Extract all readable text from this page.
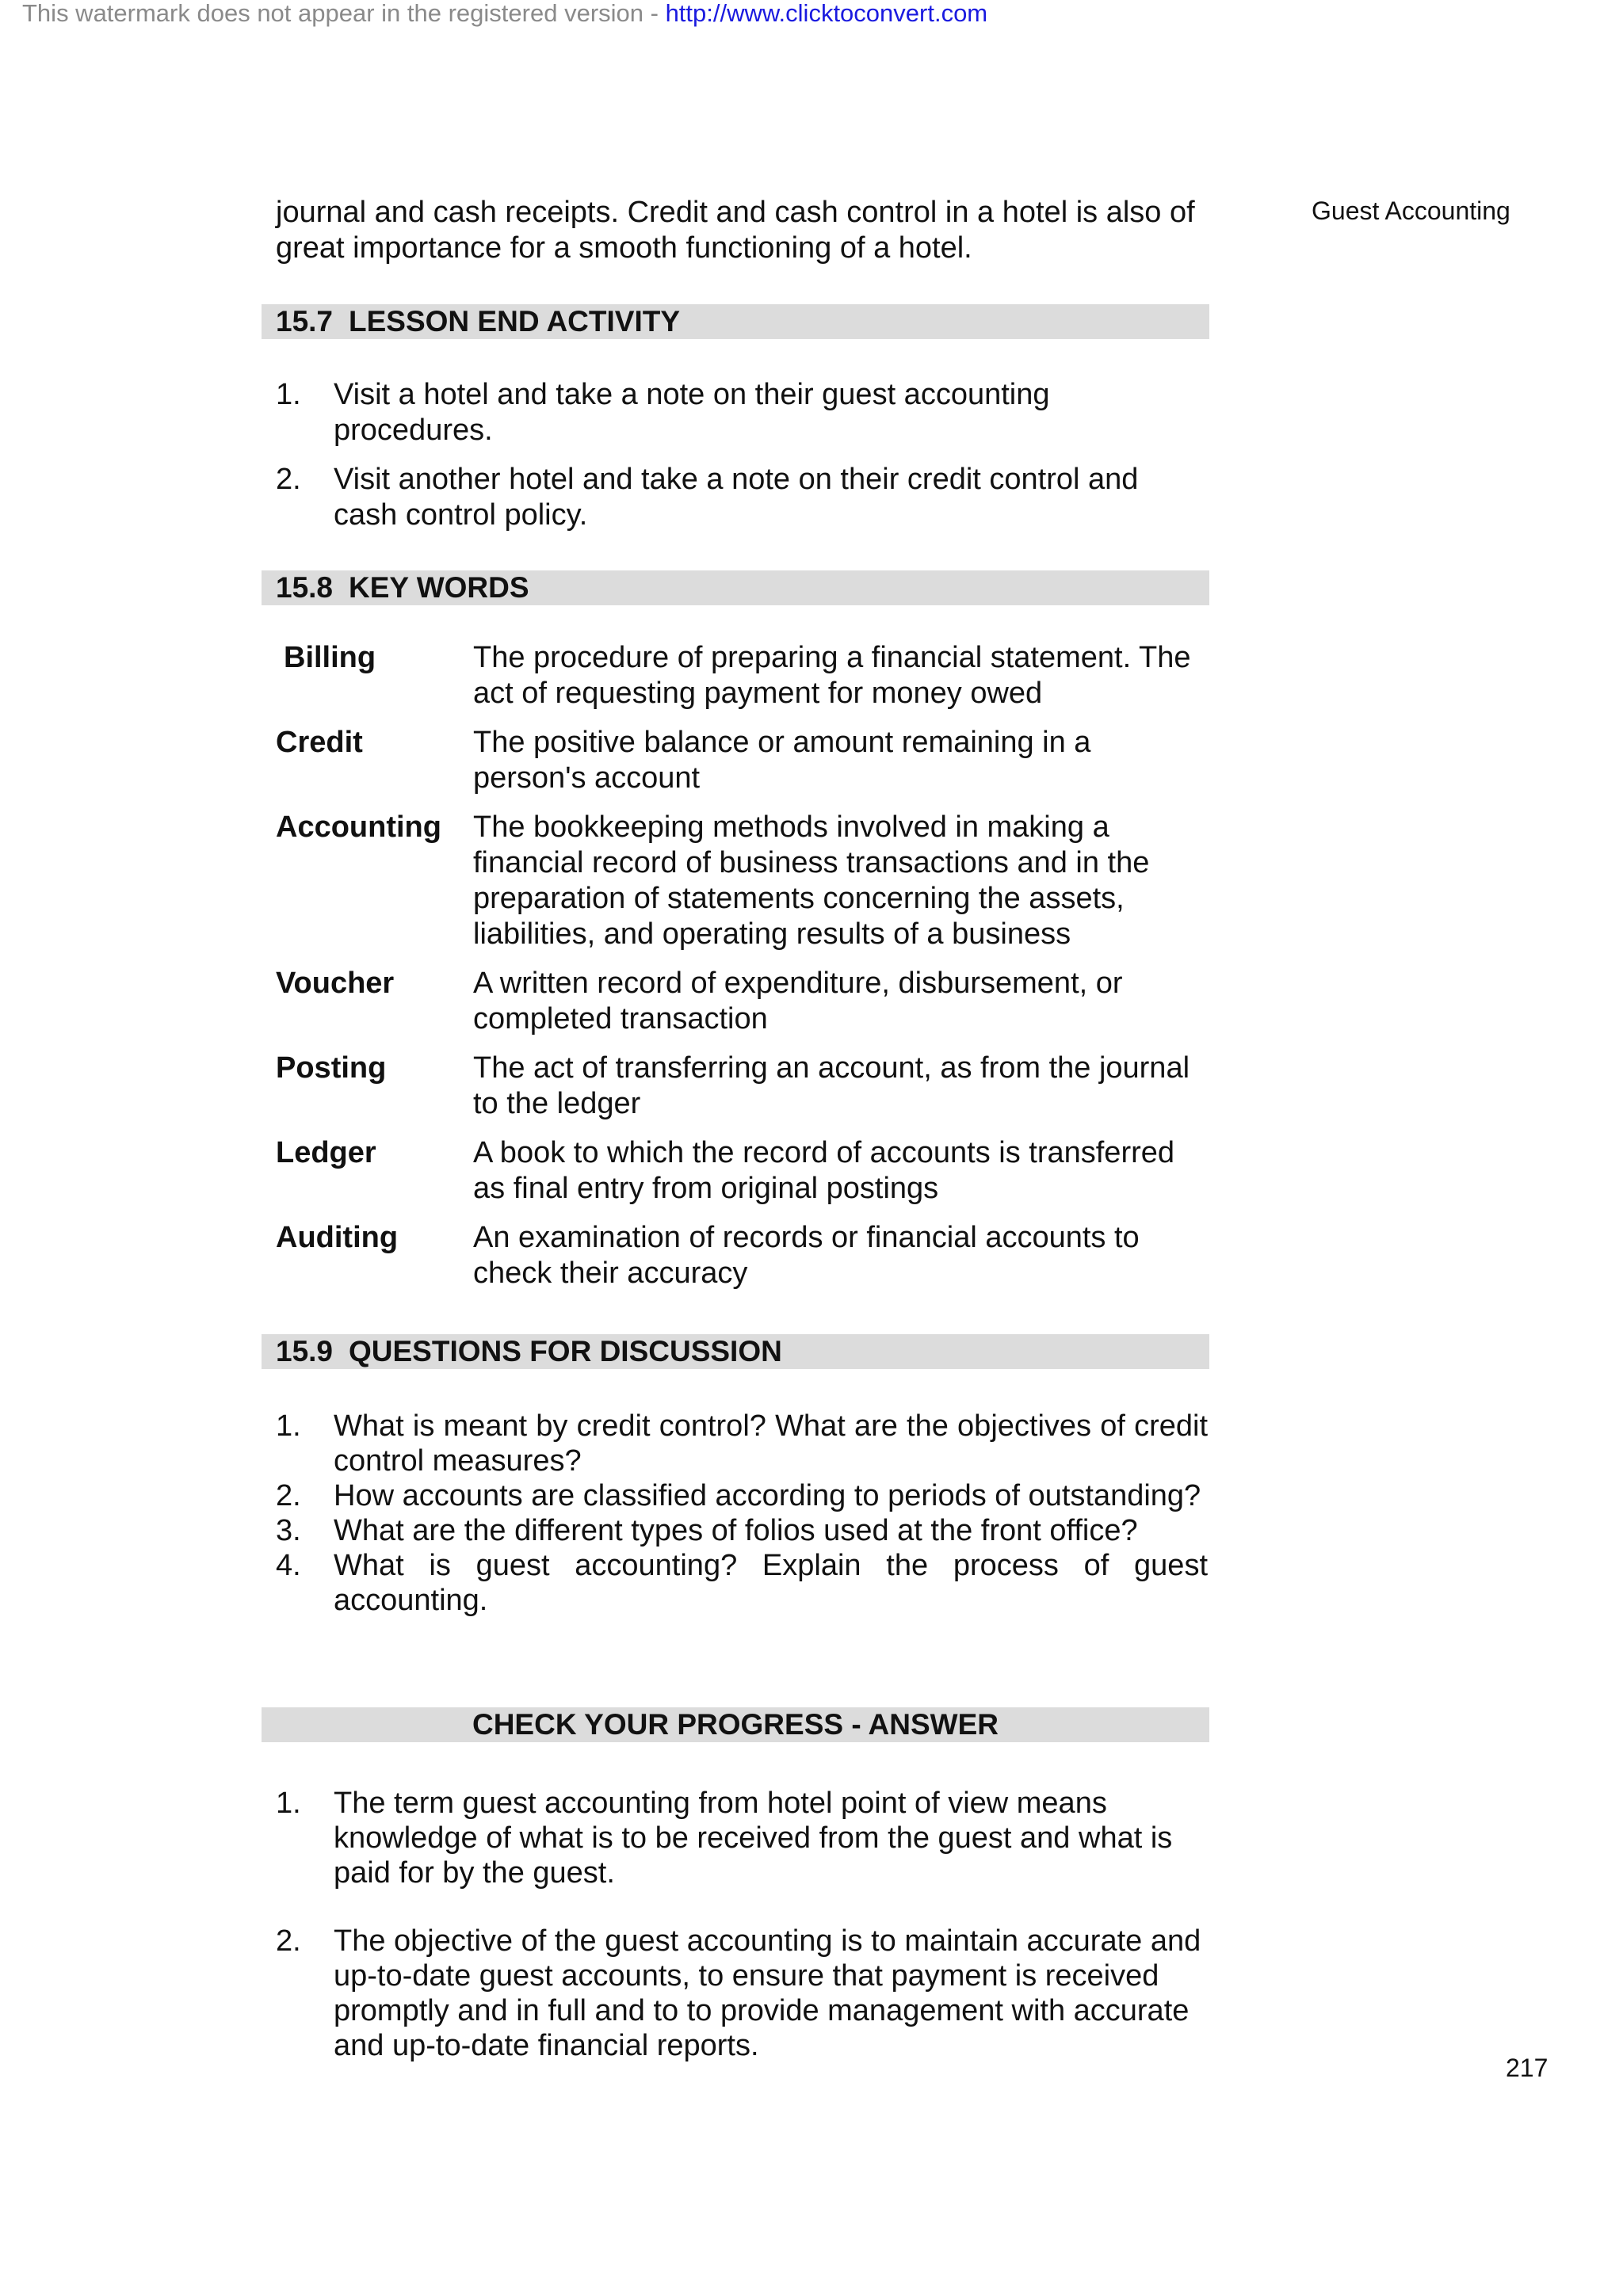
This watermark does not appear in the registered version - http://www.clicktoconvert.com
Guest Accounting

journal and cash receipts. Credit and cash control in a hotel is also of great importance for a smooth functioning of a hotel.

15.7 LESSON END ACTIVITY
1.	Visit a hotel and take a note on their guest accounting procedures.
2.	Visit another hotel and take a note on their credit control and cash control policy.
15.8 KEY WORDS
Billing	The procedure of preparing a financial statement. The act of requesting payment for money owed
Credit	The positive balance or amount remaining in a person's account
Accounting	The bookkeeping methods involved in making a financial record of business transactions and in the preparation of statements concerning the assets, liabilities, and operating results of a business
Voucher	A written record of expenditure, disbursement, or completed transaction
Posting	The act of transferring an account, as from the journal to the ledger
Ledger	A book to which the record of accounts is transferred as final entry from original postings
Auditing	An examination of records or financial accounts to check their accuracy
15.9 QUESTIONS FOR DISCUSSION
1.	What is meant by credit control? What are the objectives of credit control measures?
2.	How accounts are classified according to periods of outstanding?
3.	What are the different types of folios used at the front office?
4.	What is guest accounting? Explain the process of guest accounting.
CHECK YOUR PROGRESS - ANSWER
1.	The term guest accounting from hotel point of view means knowledge of what is to be received from the guest and what is paid for by the guest.
2.	The objective of the guest accounting is to maintain accurate and up-to-date guest accounts, to ensure that payment is received promptly and in full and to to provide management with accurate and up-to-date financial reports.
217
